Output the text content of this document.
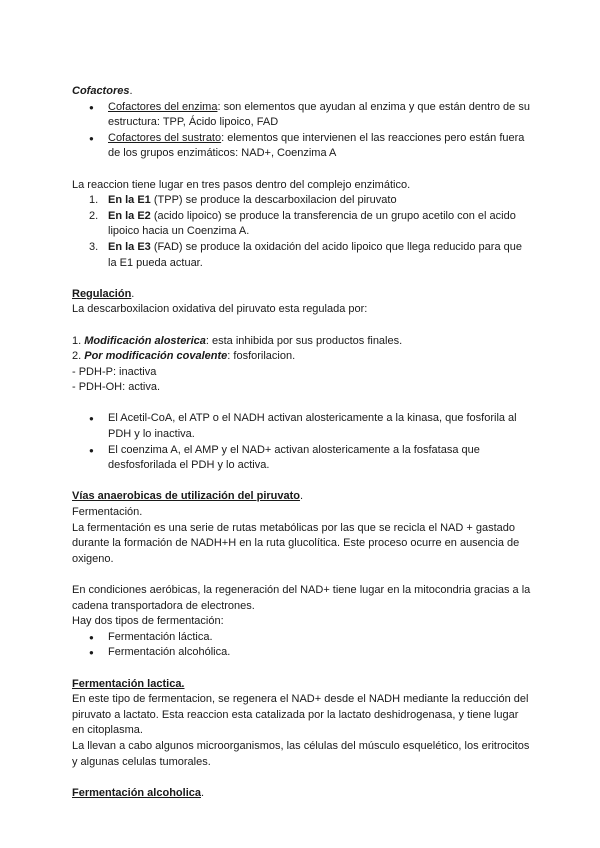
Cofactores.

● Cofactores del enzima: son elementos que ayudan al enzima y que están dentro de su estructura: TPP, Ácido lipoico, FAD
● Cofactores del sustrato: elementos que intervienen el las reacciones pero están fuera de los grupos enzimáticos: NAD+, Coenzima A

La reaccion tiene lugar en tres pasos dentro del complejo enzimático.

1. En la E1 (TPP) se produce la descarboxilacion del piruvato
2. En la E2 (acido lipoico) se produce la transferencia de un grupo acetilo con el acido lipoico hacia un Coenzima A.
3. En la E3 (FAD) se produce la oxidación del acido lipoico que llega reducido para que la E1 pueda actuar.

Regulación.

La descarboxilacion oxidativa del piruvato esta regulada por:

1. Modificación alosterica: esta inhibida por sus productos finales.

2. Por modificación covalente: fosforilacion.

- PDH-P: inactiva

- PDH-OH: activa.

● El Acetil-CoA, el ATP o el NADH activan alostericamente a la kinasa, que fosforila al PDH y lo inactiva.
● El coenzima A, el AMP y el NAD+ activan alostericamente a la fosfatasa que desfosforilada el PDH y lo activa.

Vías anaerobicas de utilización del piruvato.

Fermentación.

La fermentación es una serie de rutas metabólicas por las que se recicla el NAD + gastado durante la formación de NADH+H en la ruta glucolítica. Este proceso ocurre en ausencia de oxigeno.

En condiciones aeróbicas, la regeneración del NAD+ tiene lugar en la mitocondria gracias a la cadena transportadora de electrones.

Hay dos tipos de fermentación:

● Fermentación láctica.
● Fermentación alcohólica.

Fermentación lactica.

En este tipo de fermentacion, se regenera el NAD+ desde el NADH mediante la reducción del piruvato a lactato. Esta reaccion esta catalizada por la lactato deshidrogenasa, y tiene lugar en citoplasma.

La llevan a cabo algunos microorganismos, las células del músculo esquelético, los eritrocitos y algunas celulas tumorales.

Fermentación alcoholica.
